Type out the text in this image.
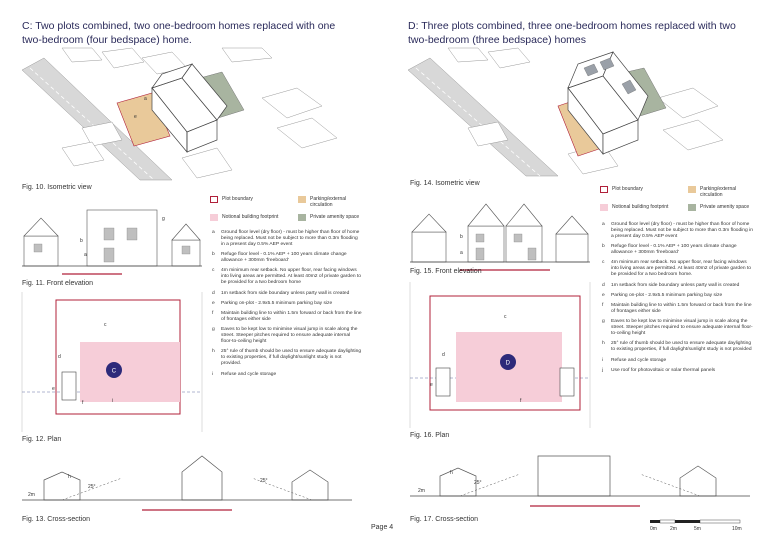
C: Two plots combined, two one-bedroom homes replaced with one
two-bedroom (four bedspace) home.
a
e
Fig. 10. Isometric view
b
g
a
Fig. 11. Front elevation
C
c
d
e
f	i
Fig. 12. Plan
25°
25°
2m
h
Fig. 13. Cross-section
Plot boundary	Parking/external circulation
Notional building footprint	Private amenity space
a	Ground floor level (dry floor) - must be higher than floor of home being replaced. Must not be subject to more than 0.3m flooding in a present day 0.5% AEP event
b	Refuge floor level - 0.1% AEP + 100 years climate change allowance + 300mm 'freeboard'
c	4m minimum rear setback. No upper floor, rear facing windows into living areas are permitted. At least 40m2 of private garden to be provided for a two bedroom home
d	1m setback from side boundary unless party wall is created
e	Parking on-plot - 2.9x5.5 minimum parking bay size
f	Maintain building line to within 1.5m forward or back from the line of frontages either side
g	Eaves to be kept low to minimise visual jump in scale along the street. Steeper pitches required to ensure adequate internal floor-to-ceiling height
h	25° rule of thumb should be used to ensure adequate daylighting to existing properties, if full daylight/sunlight study is not provided.
i	Refuse and cycle storage
D: Three plots combined, three one-bedroom homes replaced with two
two-bedroom (three bedspace) homes
Fig. 14. Isometric view
b
a
Fig. 15. Front elevation
D
c
d
e
f
Fig. 16. Plan
25°
2m
h
Fig. 17. Cross-section
Plot boundary	Parking/external circulation
Notional building footprint	Private amenity space
a	Ground floor level (dry floor) - must be higher than floor of home being replaced. Must not be subject to more than 0.3m flooding in a present day 0.5% AEP event
b	Refuge floor level - 0.1% AEP + 100 years climate change allowance + 300mm 'freeboard'
c	4m minimum rear setback. No upper floor, rear facing windows into living areas are permitted. At least 40m2 of private garden to be provided for a two bedroom home.
d	1m setback from side boundary unless party wall is created
e	Parking on-plot - 2.9x5.5 minimum parking bay size
f	Maintain building line to within 1.5m forward or back from the line of frontages either side
g	Eaves to be kept low to minimise visual jump in scale along the street. Steeper pitches required to ensure adequate internal floor-to-ceiling height
h	25° rule of thumb should be used to ensure adequate daylighting to existing properties, if full daylight/sunlight study is not provided
i	Refuse and cycle storage
j	Use roof for photovoltaic or solar thermal panels
0m	2m	5m	10m
Page 4
